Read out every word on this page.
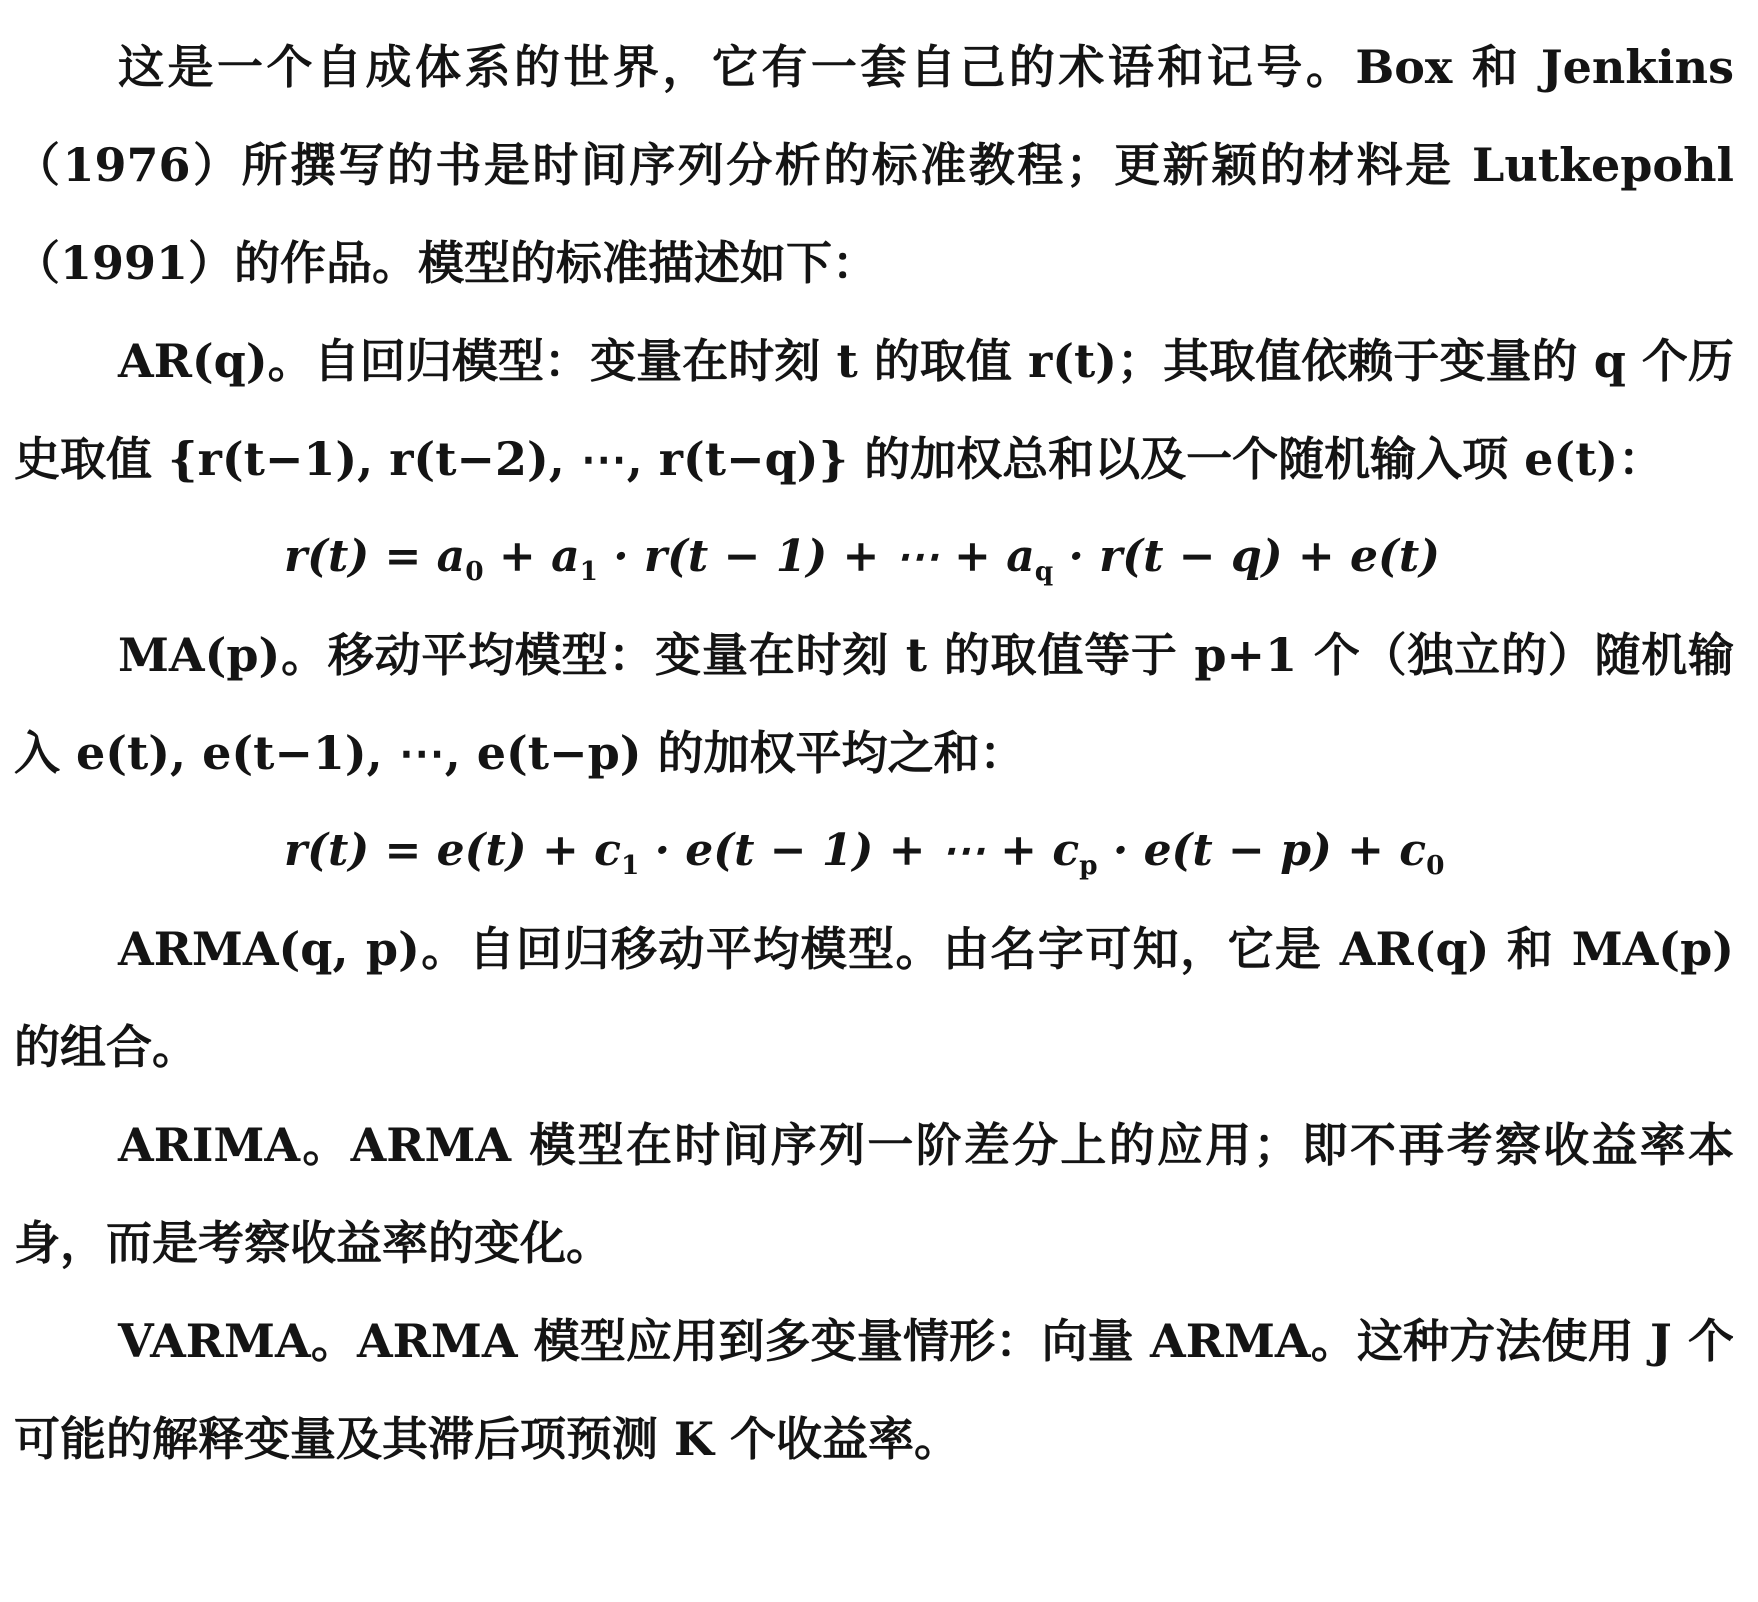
这是一个自成体系的世界，它有一套自己的术语和记号。Box 和 Jenkins（1976）所撰写的书是时间序列分析的标准教程；更新颖的材料是 Lutkepohl（1991）的作品。模型的标准描述如下：

AR(q)。自回归模型：变量在时刻 t 的取值 r(t)；其取值依赖于变量的 q 个历史取值 {r(t−1), r(t−2), ⋯, r(t−q)} 的加权总和以及一个随机输入项 e(t)：

$r(t) = a_0 + a_1 \cdot r(t - 1)$ + ⋯ + $a_q \cdot r(t - q) + e(t)$

MA(p)。移动平均模型：变量在时刻 t 的取值等于 p+1 个（独立的）随机输入 e(t), e(t−1), ⋯, e(t−p) 的加权平均之和：

$r(t) = e(t) + c_1 \cdot e(t - 1)$ + ⋯ + $c_p \cdot e(t - p) + c_0$

ARMA(q, p)。自回归移动平均模型。由名字可知，它是 AR(q) 和 MA(p) 的组合。

ARIMA。ARMA 模型在时间序列一阶差分上的应用；即不再考察收益率本身，而是考察收益率的变化。

VARMA。ARMA 模型应用到多变量情形：向量 ARMA。这种方法使用 J 个可能的解释变量及其滞后项预测 K 个收益率。
